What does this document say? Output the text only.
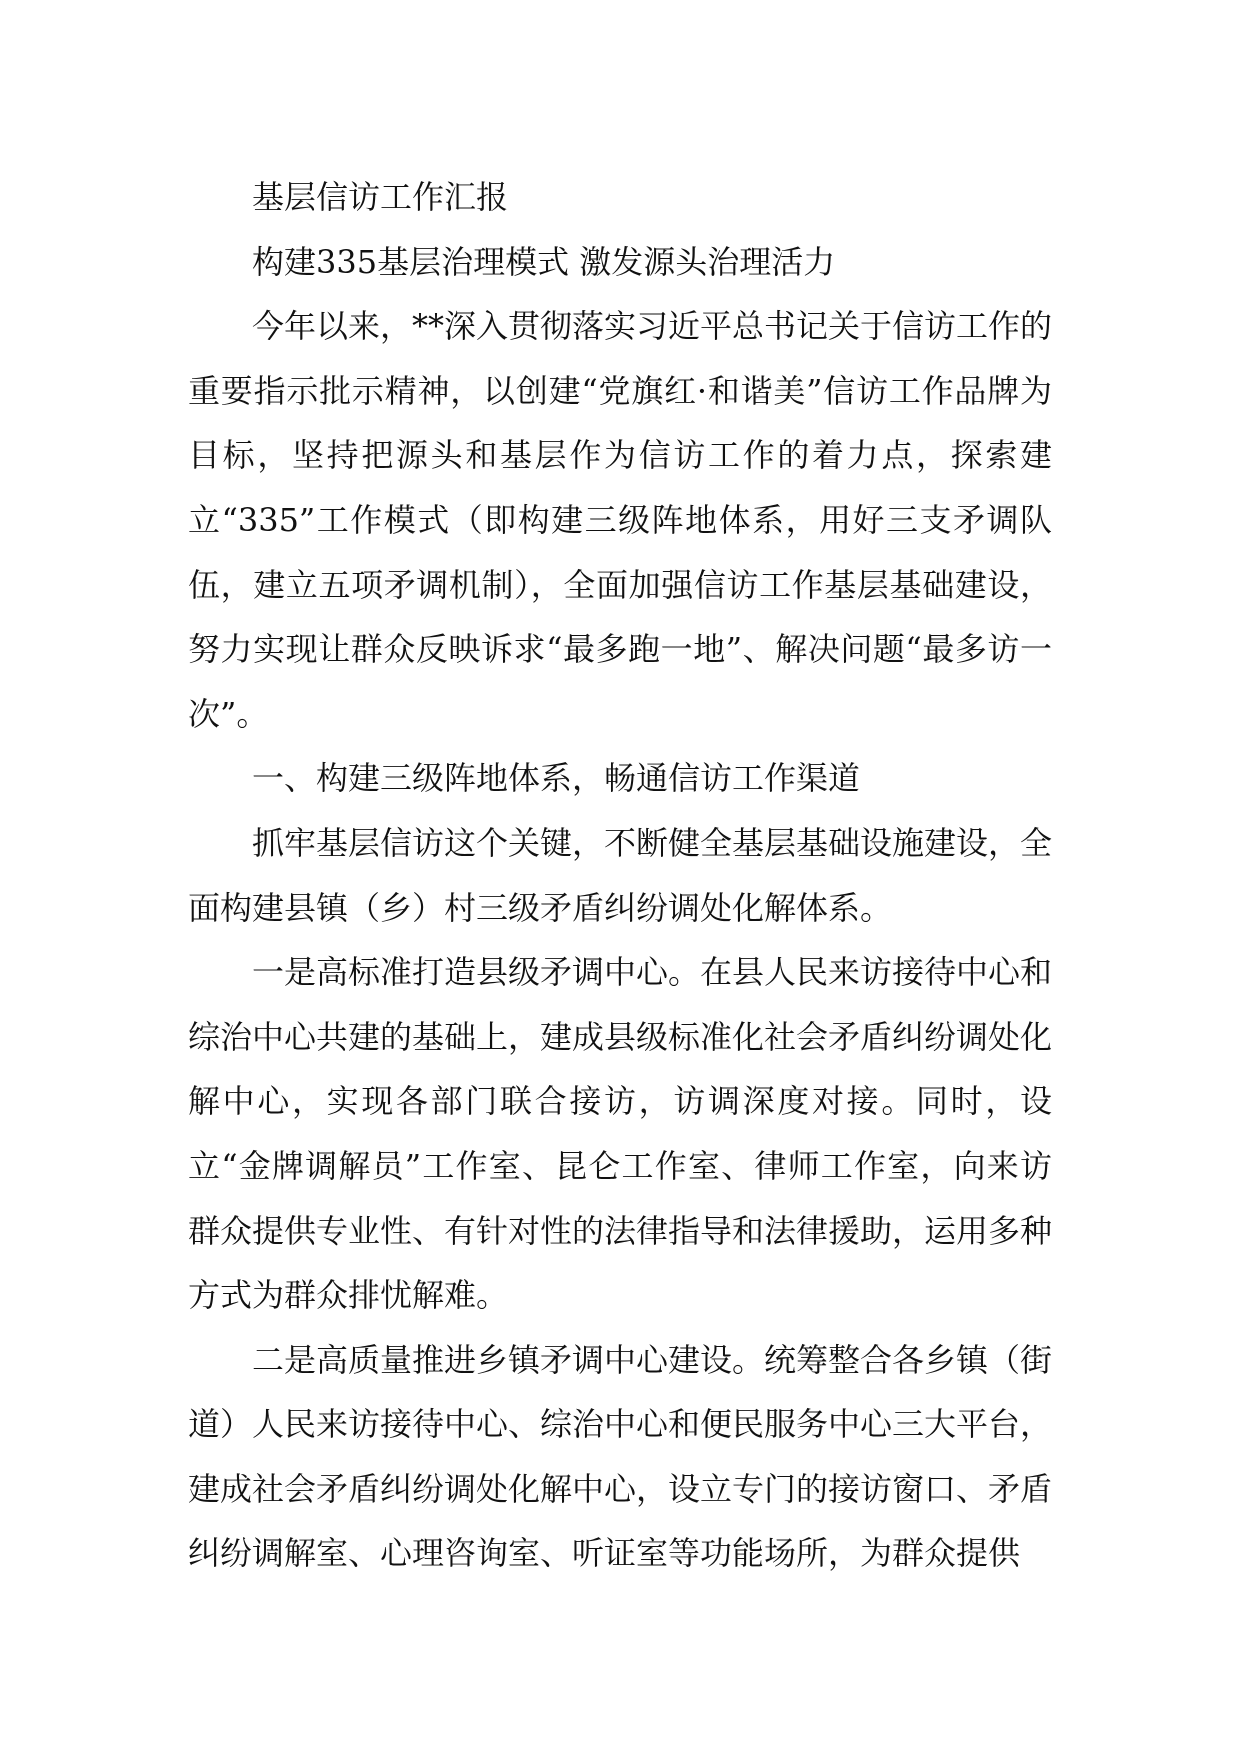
基层信访工作汇报

构建335基层治理模式 激发源头治理活力

今年以来，**深入贯彻落实习近平总书记关于信访工作的重要指示批示精神，以创建“党旗红·和谐美”信访工作品牌为目标，坚持把源头和基层作为信访工作的着力点，探索建立“335”工作模式（即构建三级阵地体系，用好三支矛调队伍，建立五项矛调机制），全面加强信访工作基层基础建设，努力实现让群众反映诉求“最多跑一地”、解决问题“最多访一次”。

一、构建三级阵地体系，畅通信访工作渠道

抓牢基层信访这个关键，不断健全基层基础设施建设，全面构建县镇（乡）村三级矛盾纠纷调处化解体系。

一是高标准打造县级矛调中心。在县人民来访接待中心和综治中心共建的基础上，建成县级标准化社会矛盾纠纷调处化解中心，实现各部门联合接访，访调深度对接。同时，设立“金牌调解员”工作室、昆仑工作室、律师工作室，向来访群众提供专业性、有针对性的法律指导和法律援助，运用多种方式为群众排忧解难。

二是高质量推进乡镇矛调中心建设。统筹整合各乡镇（街道）人民来访接待中心、综治中心和便民服务中心三大平台，建成社会矛盾纠纷调处化解中心，设立专门的接访窗口、矛盾纠纷调解室、心理咨询室、听证室等功能场所，为群众提供
